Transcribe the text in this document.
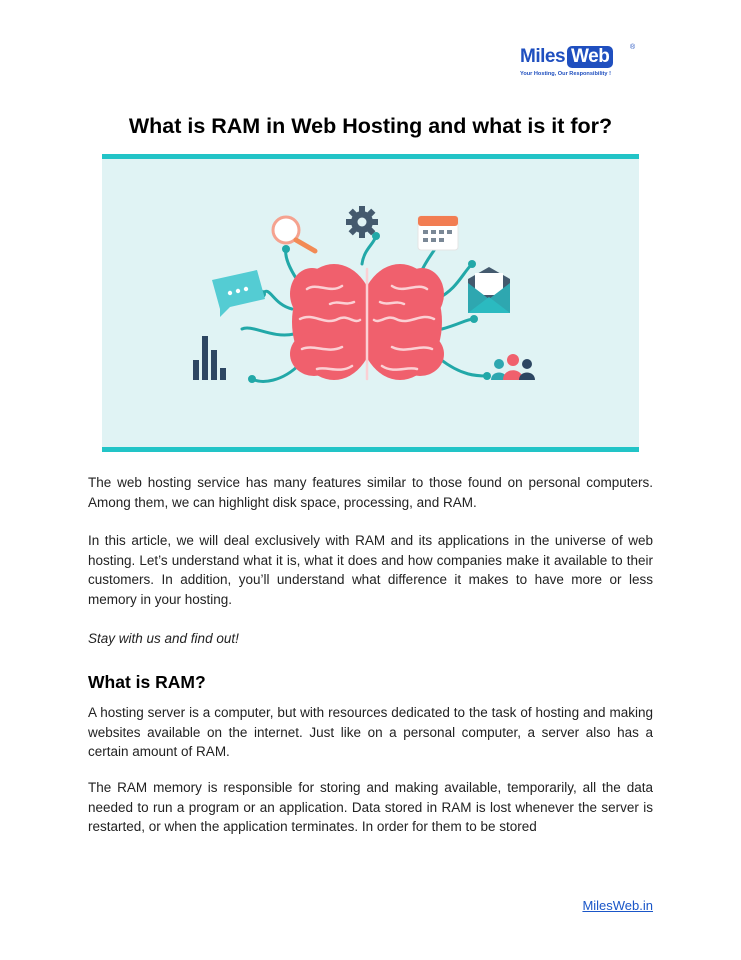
Miles Web	®
Your Hosting, Our Responsibility !
What is RAM in Web Hosting and what is it for?

The web hosting service has many features similar to those found on personal computers. Among them, we can highlight disk space, processing, and RAM.

In this article, we will deal exclusively with RAM and its applications in the universe of web hosting. Let’s understand what it is, what it does and how companies make it available to their customers. In addition, you’ll understand what difference it makes to have more or less memory in your hosting.

Stay with us and find out!

What is RAM?

A hosting server is a computer, but with resources dedicated to the task of hosting and making websites available on the internet. Just like on a personal computer, a server also has a certain amount of RAM.

The RAM memory is responsible for storing and making available, temporarily, all the data needed to run a program or an application. Data stored in RAM is lost whenever the server is restarted, or when the application terminates. In order for them to be stored

MilesWeb.in
